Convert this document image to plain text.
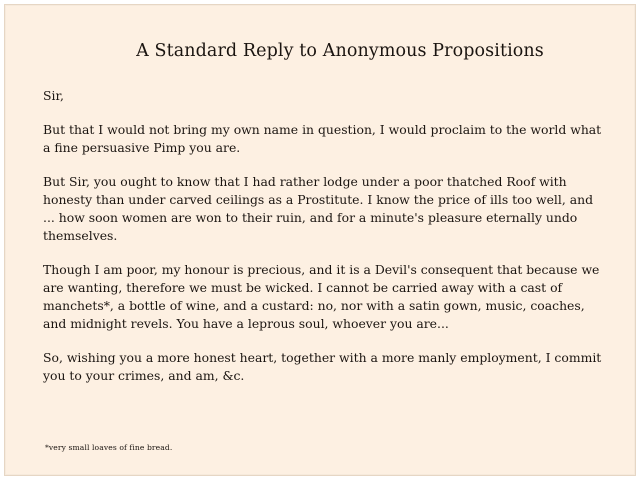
A Standard Reply to Anonymous Propositions
Sir,

But that I would not bring my own name in question, I would proclaim to the world what a fine persuasive Pimp you are.

But Sir, you ought to know that I had rather lodge under a poor thatched Roof with honesty than under carved ceilings as a Prostitute. I know the price of ills too well, and ... how soon women are won to their ruin, and for a minute's pleasure eternally undo themselves.

Though I am poor, my honour is precious, and it is a Devil's consequent that because we are wanting, therefore we must be wicked. I cannot be carried away with a cast of manchets*, a bottle of wine, and a custard: no, nor with a satin gown, music, coaches, and midnight revels. You have a leprous soul, whoever you are...

So, wishing you a more honest heart, together with a more manly employment, I commit you to your crimes, and am, &c.

*very small loaves of fine bread.
